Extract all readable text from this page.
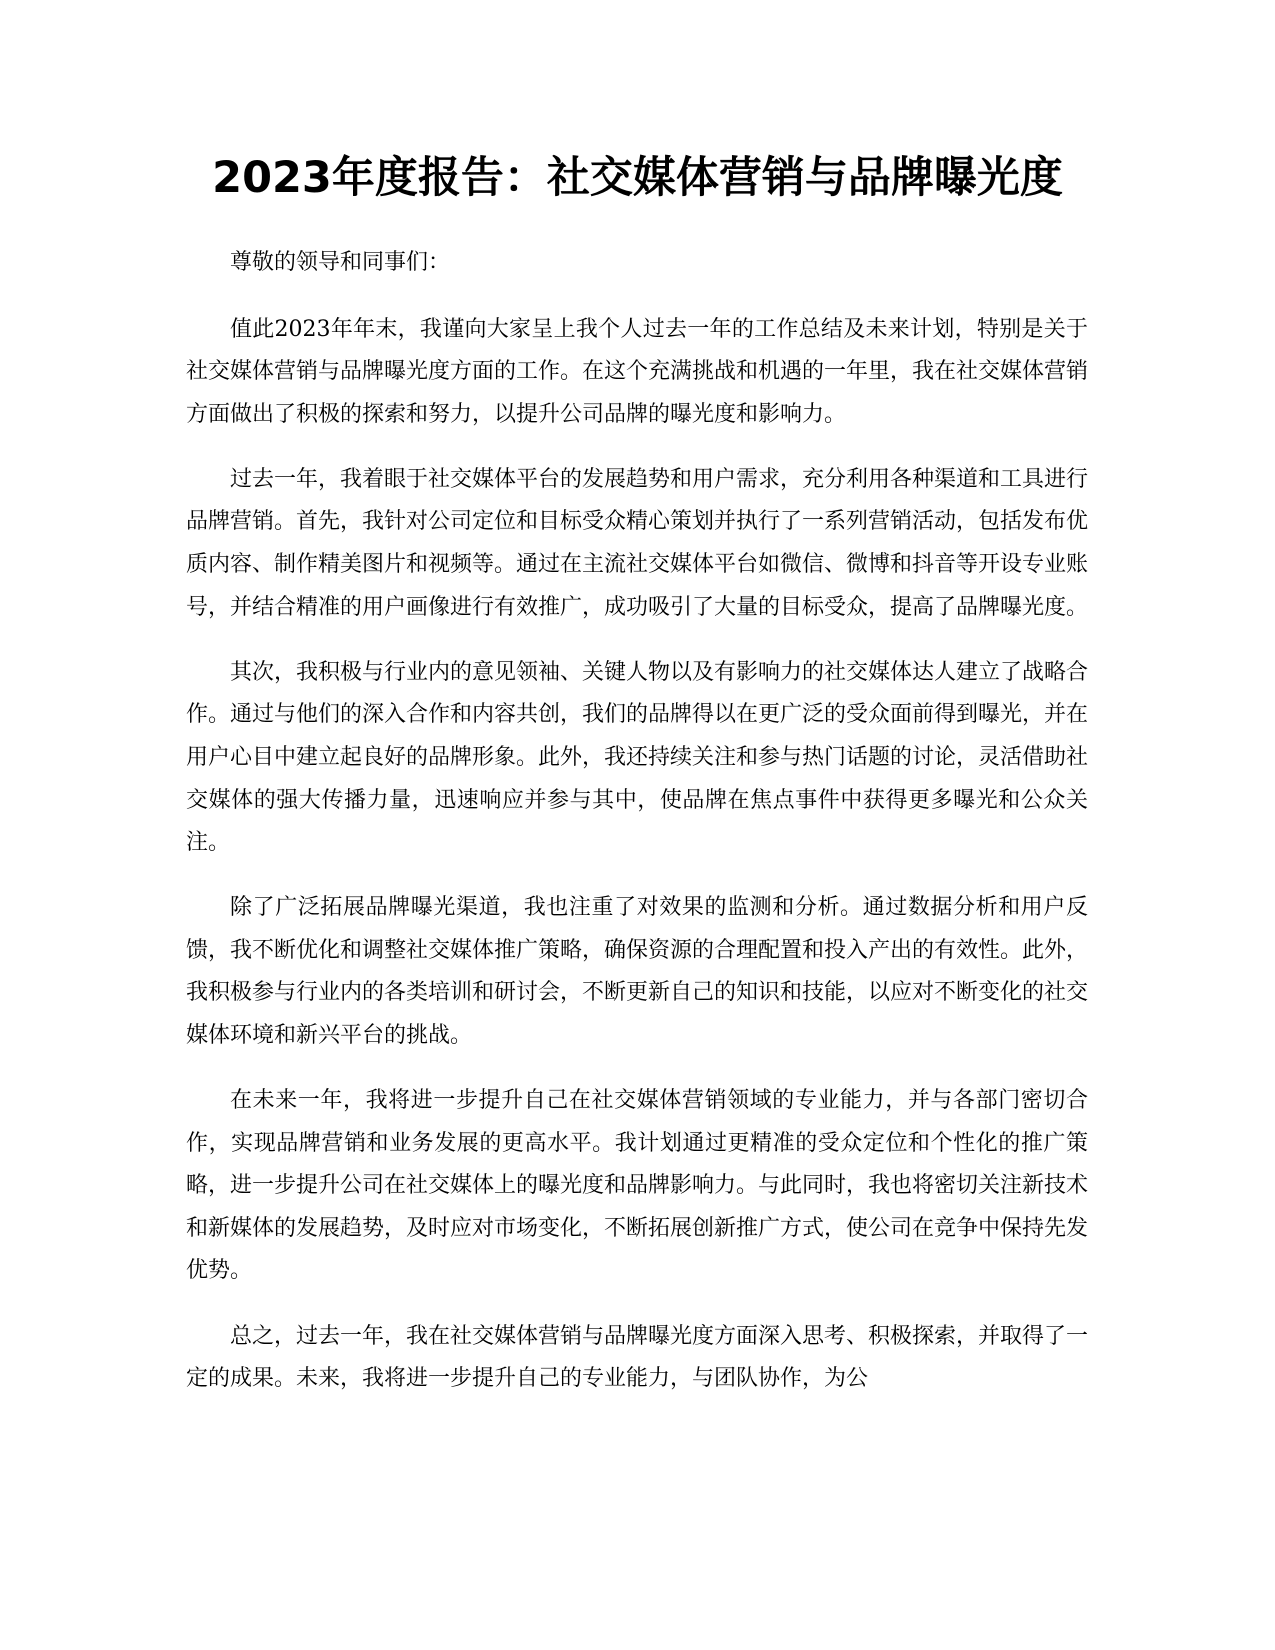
2023年度报告：社交媒体营销与品牌曝光度

尊敬的领导和同事们：

值此2023年年末，我谨向大家呈上我个人过去一年的工作总结及未来计划，特别是关于社交媒体营销与品牌曝光度方面的工作。在这个充满挑战和机遇的一年里，我在社交媒体营销方面做出了积极的探索和努力，以提升公司品牌的曝光度和影响力。

过去一年，我着眼于社交媒体平台的发展趋势和用户需求，充分利用各种渠道和工具进行品牌营销。首先，我针对公司定位和目标受众精心策划并执行了一系列营销活动，包括发布优质内容、制作精美图片和视频等。通过在主流社交媒体平台如微信、微博和抖音等开设专业账号，并结合精准的用户画像进行有效推广，成功吸引了大量的目标受众，提高了品牌曝光度。

其次，我积极与行业内的意见领袖、关键人物以及有影响力的社交媒体达人建立了战略合作。通过与他们的深入合作和内容共创，我们的品牌得以在更广泛的受众面前得到曝光，并在用户心目中建立起良好的品牌形象。此外，我还持续关注和参与热门话题的讨论，灵活借助社交媒体的强大传播力量，迅速响应并参与其中，使品牌在焦点事件中获得更多曝光和公众关注。

除了广泛拓展品牌曝光渠道，我也注重了对效果的监测和分析。通过数据分析和用户反馈，我不断优化和调整社交媒体推广策略，确保资源的合理配置和投入产出的有效性。此外，我积极参与行业内的各类培训和研讨会，不断更新自己的知识和技能，以应对不断变化的社交媒体环境和新兴平台的挑战。

在未来一年，我将进一步提升自己在社交媒体营销领域的专业能力，并与各部门密切合作，实现品牌营销和业务发展的更高水平。我计划通过更精准的受众定位和个性化的推广策略，进一步提升公司在社交媒体上的曝光度和品牌影响力。与此同时，我也将密切关注新技术和新媒体的发展趋势，及时应对市场变化，不断拓展创新推广方式，使公司在竞争中保持先发优势。

总之，过去一年，我在社交媒体营销与品牌曝光度方面深入思考、积极探索，并取得了一定的成果。未来，我将进一步提升自己的专业能力，与团队协作，为公
